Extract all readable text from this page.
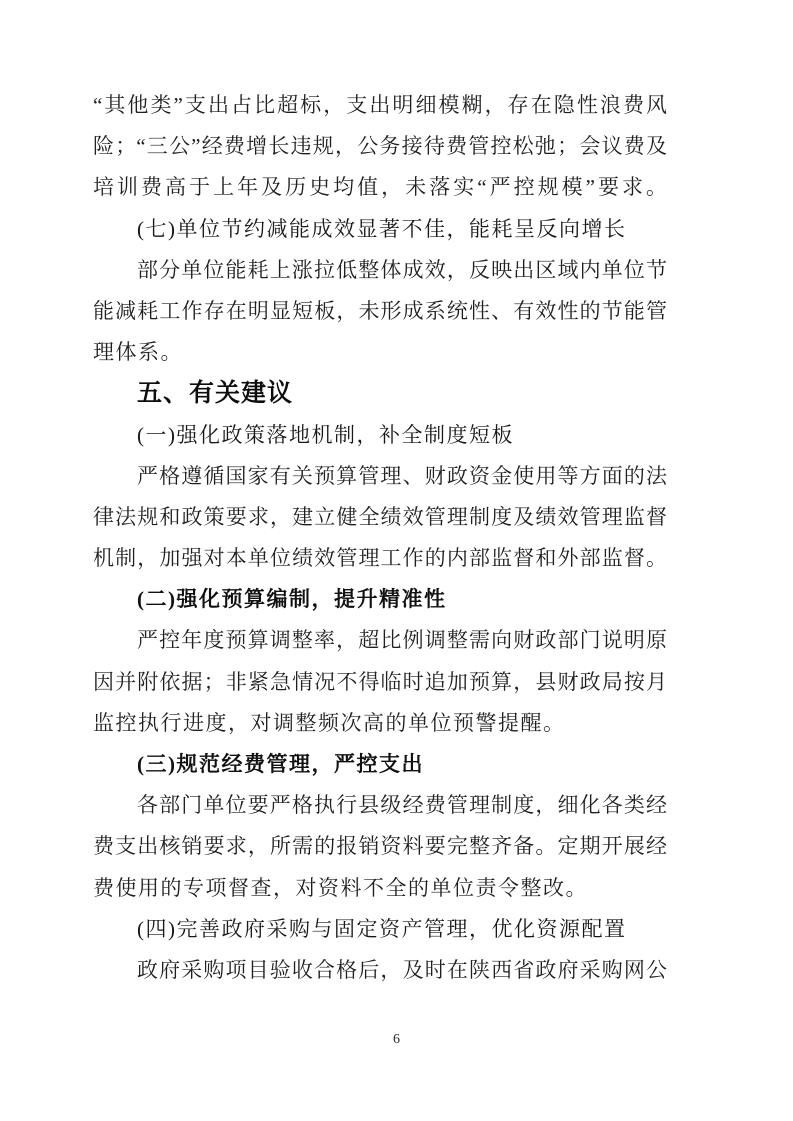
“其他类”支出占比超标，支出明细模糊，存在隐性浪费风
险；“三公”经费增长违规，公务接待费管控松弛；会议费及
培训费高于上年及历史均值，未落实“严控规模”要求。
(七)单位节约减能成效显著不佳，能耗呈反向增长
部分单位能耗上涨拉低整体成效，反映出区域内单位节
能减耗工作存在明显短板，未形成系统性、有效性的节能管
理体系。
五、有关建议
(一)强化政策落地机制，补全制度短板
严格遵循国家有关预算管理、财政资金使用等方面的法
律法规和政策要求，建立健全绩效管理制度及绩效管理监督
机制，加强对本单位绩效管理工作的内部监督和外部监督。
(二)强化预算编制，提升精准性
严控年度预算调整率，超比例调整需向财政部门说明原
因并附依据；非紧急情况不得临时追加预算，县财政局按月
监控执行进度，对调整频次高的单位预警提醒。
(三)规范经费管理，严控支出
各部门单位要严格执行县级经费管理制度，细化各类经
费支出核销要求，所需的报销资料要完整齐备。定期开展经
费使用的专项督查，对资料不全的单位责令整改。
(四)完善政府采购与固定资产管理，优化资源配置
政府采购项目验收合格后，及时在陕西省政府采购网公
6
